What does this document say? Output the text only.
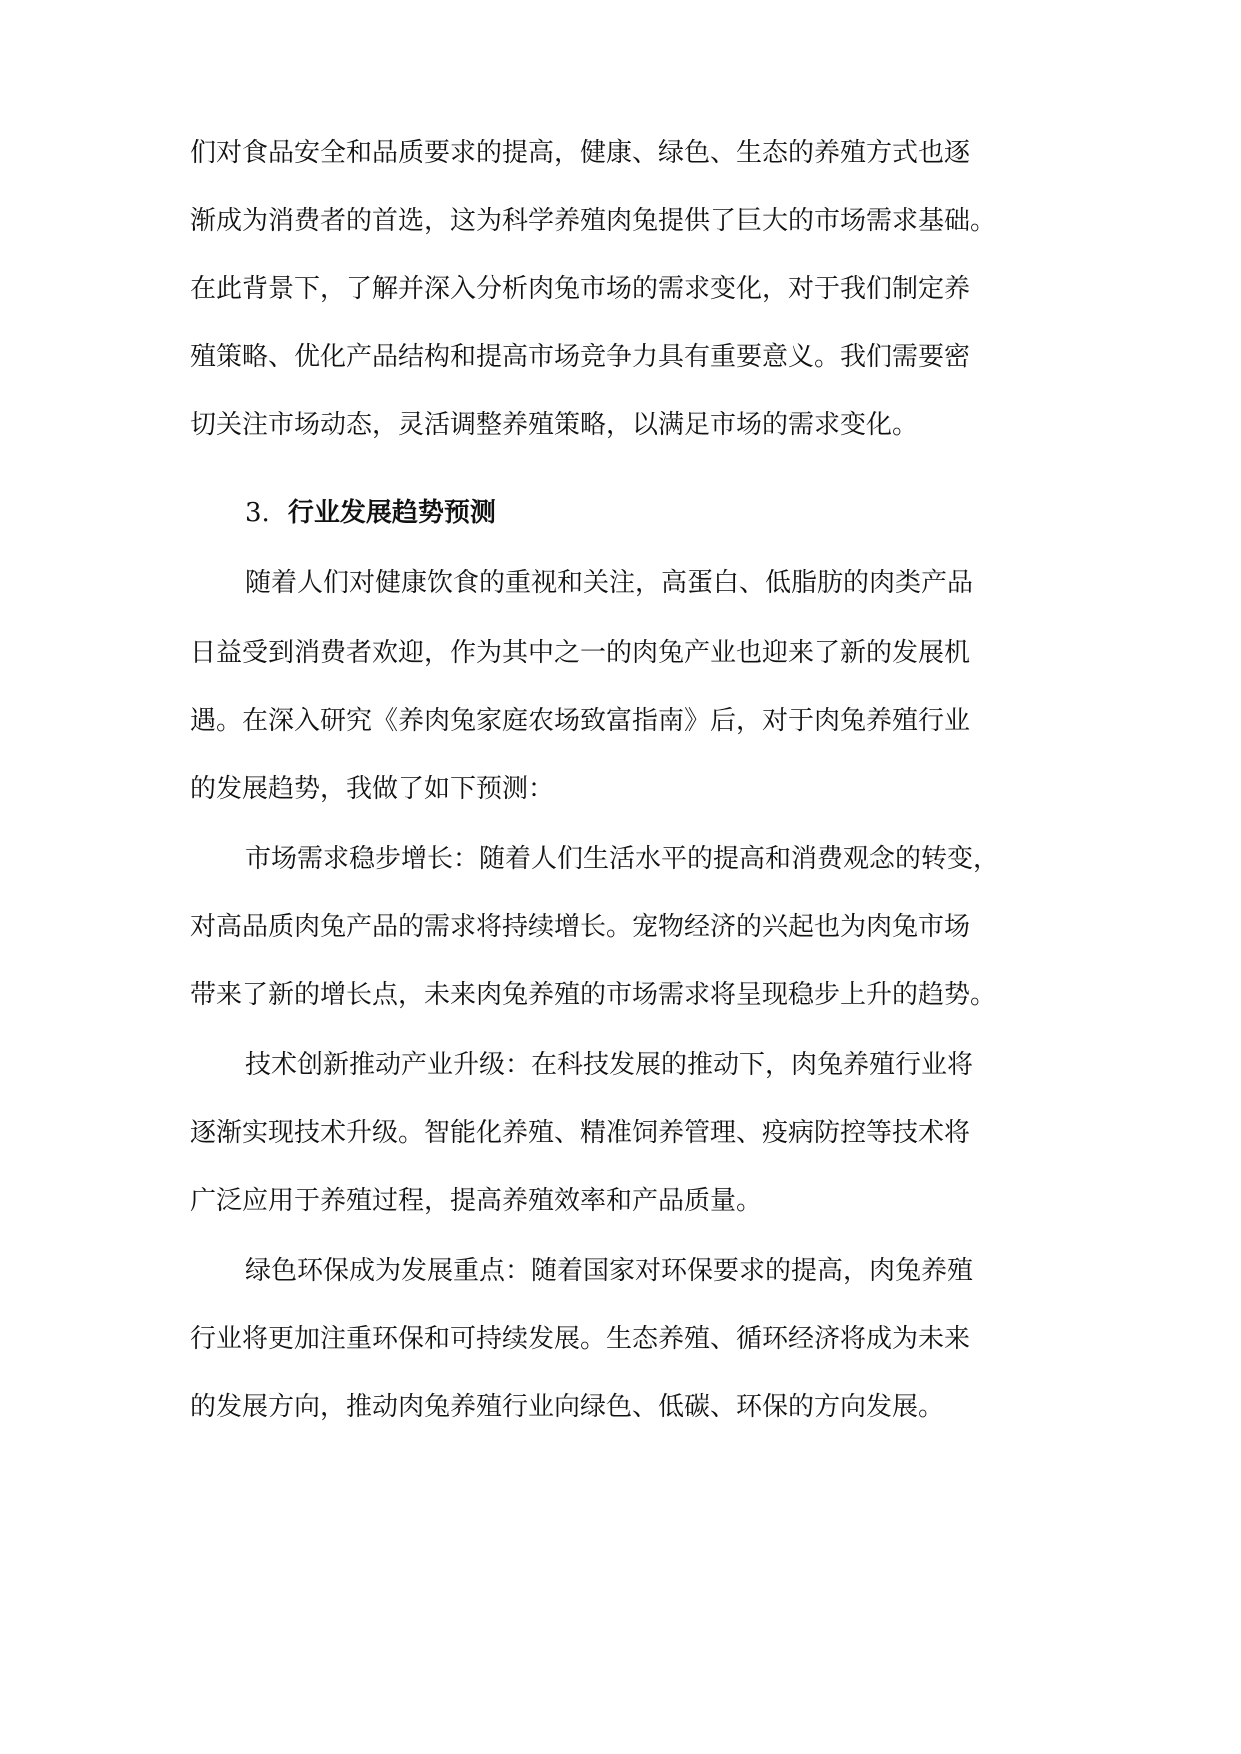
们对食品安全和品质要求的提高，健康、绿色、生态的养殖方式也逐
渐成为消费者的首选，这为科学养殖肉兔提供了巨大的市场需求基础。
在此背景下，了解并深入分析肉兔市场的需求变化，对于我们制定养
殖策略、优化产品结构和提高市场竞争力具有重要意义。我们需要密
切关注市场动态，灵活调整养殖策略，以满足市场的需求变化。
3. 行业发展趋势预测
随着人们对健康饮食的重视和关注，高蛋白、低脂肪的肉类产品
日益受到消费者欢迎，作为其中之一的肉兔产业也迎来了新的发展机
遇。在深入研究《养肉兔家庭农场致富指南》后，对于肉兔养殖行业
的发展趋势，我做了如下预测：
市场需求稳步增长：随着人们生活水平的提高和消费观念的转变，
对高品质肉兔产品的需求将持续增长。宠物经济的兴起也为肉兔市场
带来了新的增长点，未来肉兔养殖的市场需求将呈现稳步上升的趋势。
技术创新推动产业升级：在科技发展的推动下，肉兔养殖行业将
逐渐实现技术升级。智能化养殖、精准饲养管理、疫病防控等技术将
广泛应用于养殖过程，提高养殖效率和产品质量。
绿色环保成为发展重点：随着国家对环保要求的提高，肉兔养殖
行业将更加注重环保和可持续发展。生态养殖、循环经济将成为未来
的发展方向，推动肉兔养殖行业向绿色、低碳、环保的方向发展。
